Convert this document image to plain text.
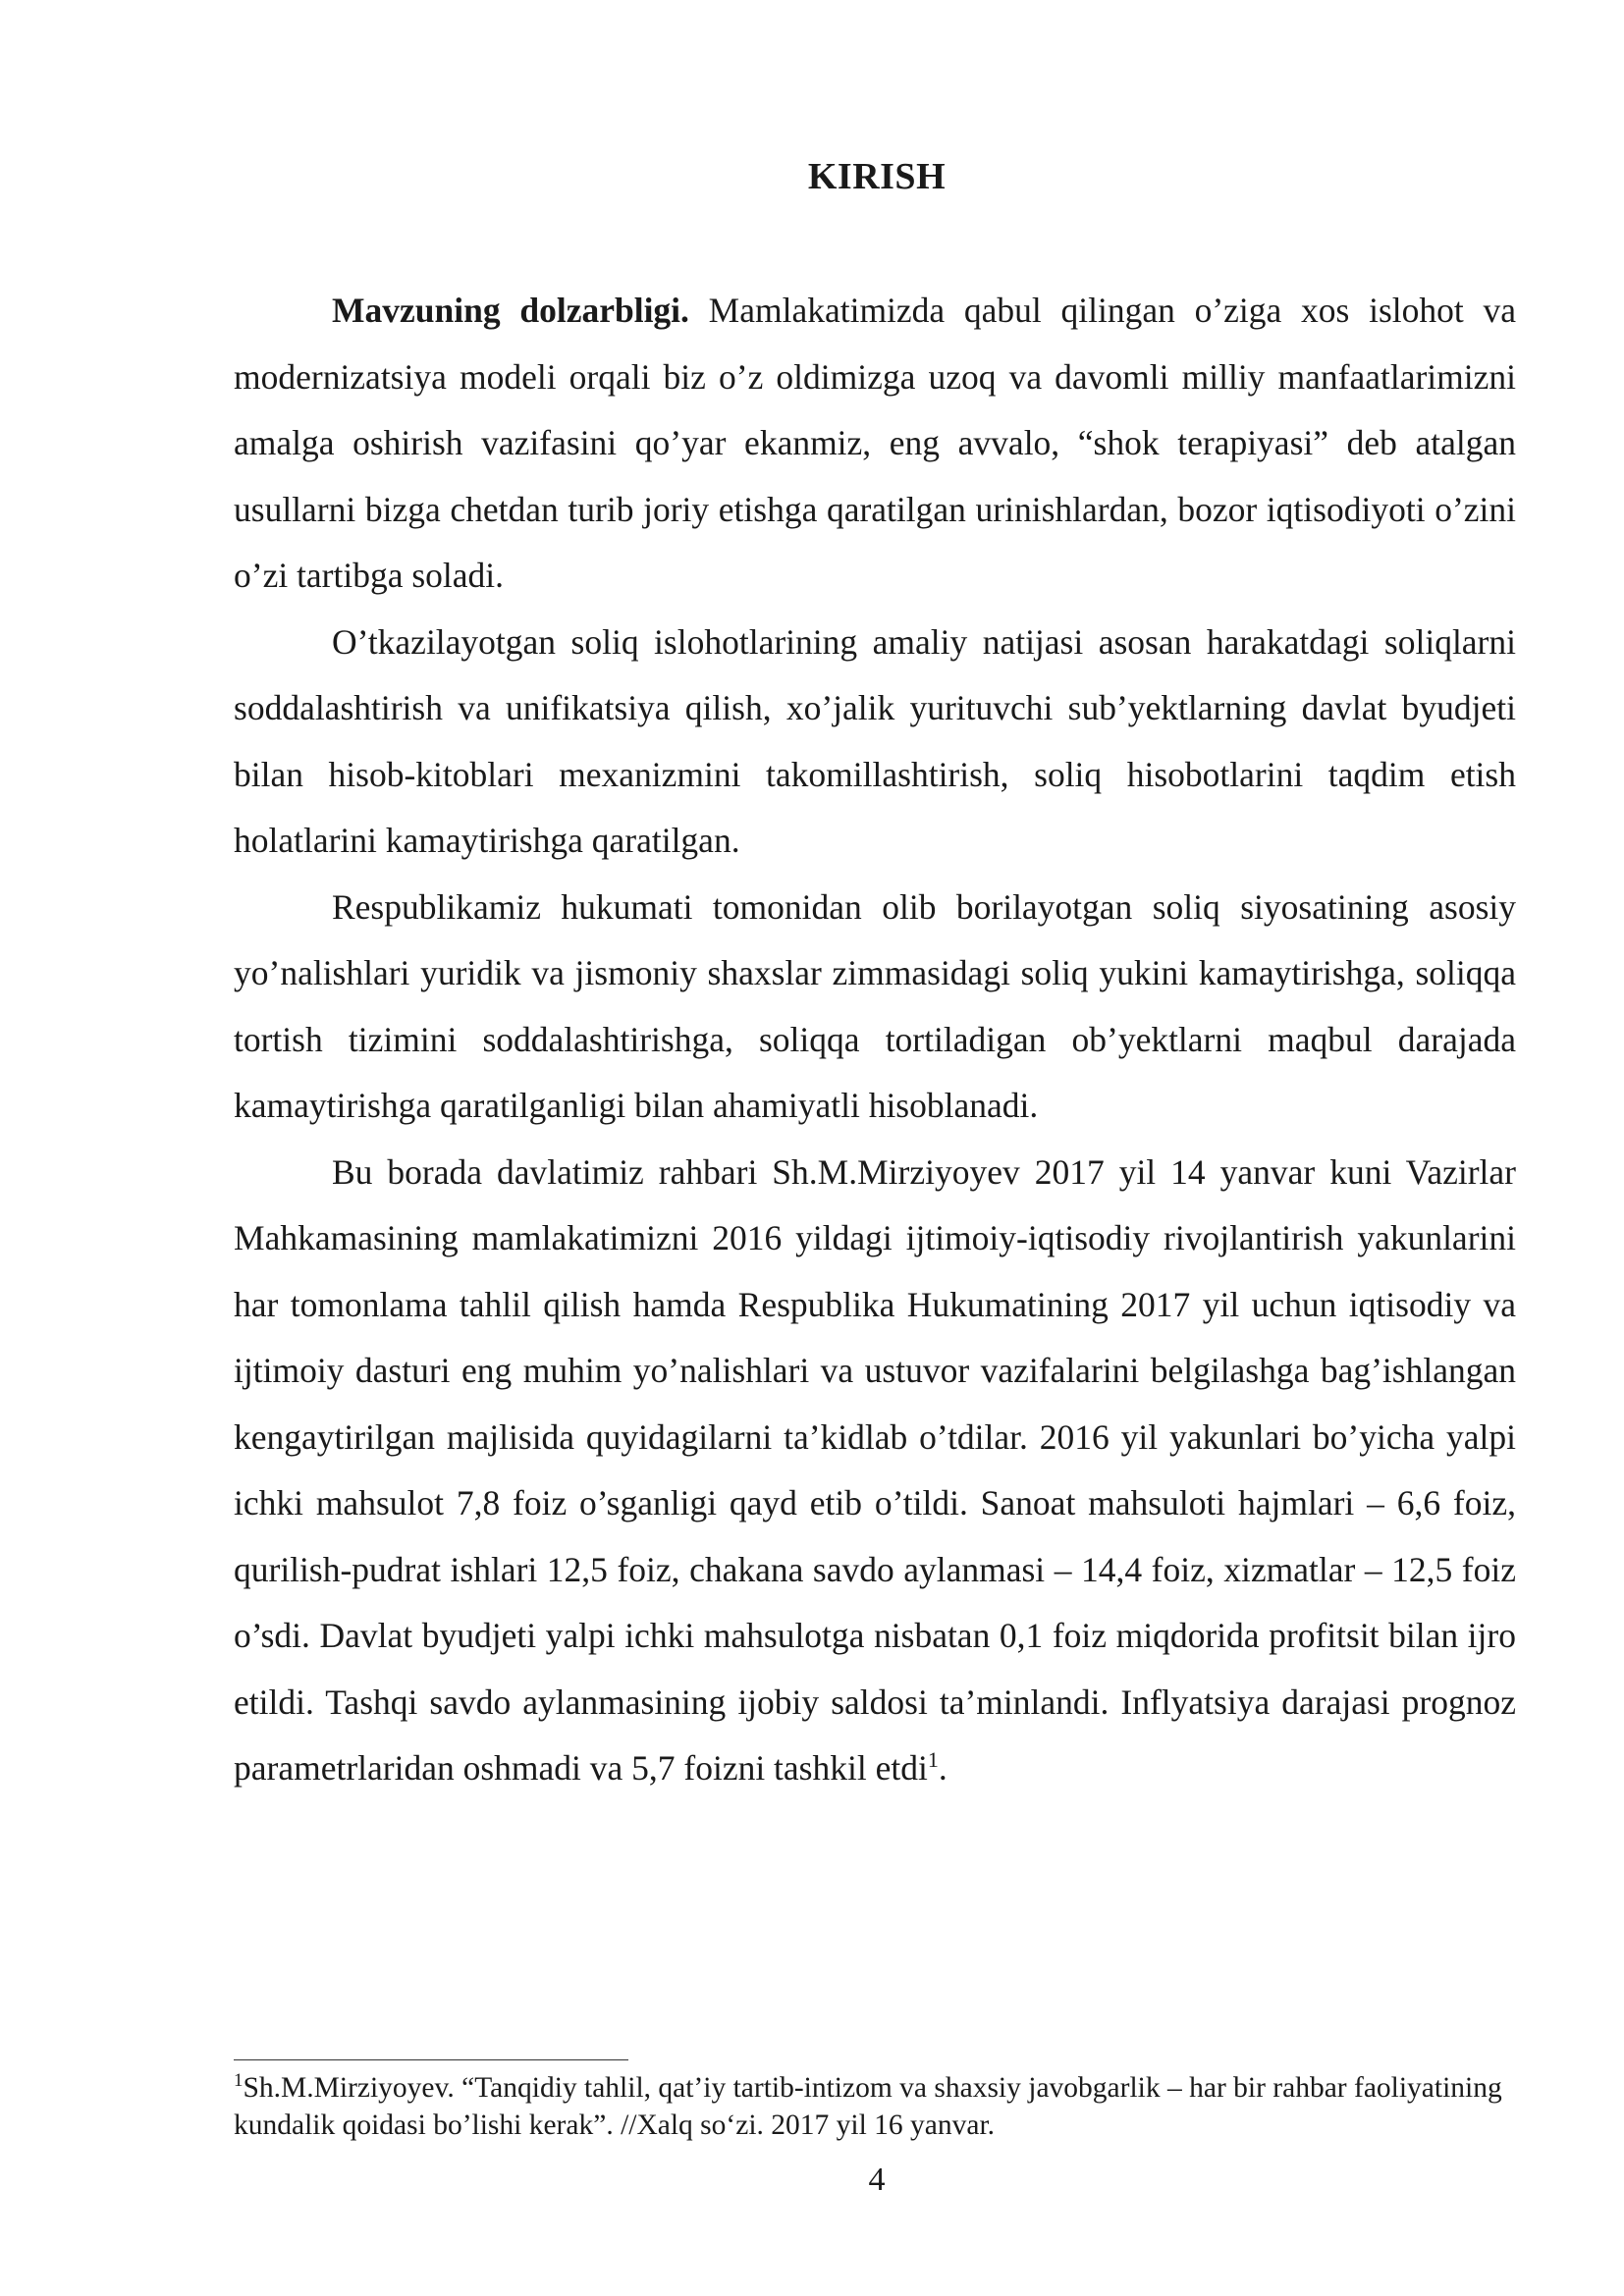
KIRISH

Mavzuning dolzarbligi. Mamlakatimizda qabul qilingan o’ziga xos islohot va modernizatsiya modeli orqali biz o’z oldimizga uzoq va davomli milliy manfaatlarimizni amalga oshirish vazifasini qo’yar ekanmiz, eng avvalo, “shok terapiyasi” deb atalgan usullarni bizga chetdan turib joriy etishga qaratilgan urinishlardan, bozor iqtisodiyoti o’zini o’zi tartibga soladi.

O’tkazilayotgan soliq islohotlarining amaliy natijasi asosan harakatdagi soliqlarni soddalashtirish va unifikatsiya qilish, xo’jalik yurituvchi sub’yektlarning davlat byudjeti bilan hisob-kitoblari mexanizmini takomillashtirish, soliq hisobotlarini taqdim etish holatlarini kamaytirishga qaratilgan.

Respublikamiz hukumati tomonidan olib borilayotgan soliq siyosatining asosiy yo’nalishlari yuridik va jismoniy shaxslar zimmasidagi soliq yukini kamaytirishga, soliqqa tortish tizimini soddalashtirishga, soliqqa tortiladigan ob’yektlarni maqbul darajada kamaytirishga qaratilganligi bilan ahamiyatli hisoblanadi.

Bu borada davlatimiz rahbari Sh.M.Mirziyoyev 2017 yil 14 yanvar kuni Vazirlar Mahkamasining mamlakatimizni 2016 yildagi ijtimoiy-iqtisodiy rivojlantirish yakunlarini har tomonlama tahlil qilish hamda Respublika Hukumatining 2017 yil uchun iqtisodiy va ijtimoiy dasturi eng muhim yo’nalishlari va ustuvor vazifalarini belgilashga bag’ishlangan kengaytirilgan majlisida quyidagilarni ta’kidlab o’tdilar. 2016 yil yakunlari bo’yicha yalpi ichki mahsulot 7,8 foiz o’sganligi qayd etib o’tildi. Sanoat mahsuloti hajmlari – 6,6 foiz, qurilish-pudrat ishlari 12,5 foiz, chakana savdo aylanmasi – 14,4 foiz, xizmatlar – 12,5 foiz o’sdi. Davlat byudjeti yalpi ichki mahsulotga nisbatan 0,1 foiz miqdorida profitsit bilan ijro etildi. Tashqi savdo aylanmasining ijobiy saldosi ta’minlandi. Inflyatsiya darajasi prognoz parametrlaridan oshmadi va 5,7 foizni tashkil etdi$^1$.

$^1$Sh.M.Mirziyoyev. “Tanqidiy tahlil, qat’iy tartib-intizom va shaxsiy javobgarlik – har bir rahbar faoliyatining kundalik qoidasi bo’lishi kerak”. //Xalq so‘zi. 2017 yil 16 yanvar.

4
